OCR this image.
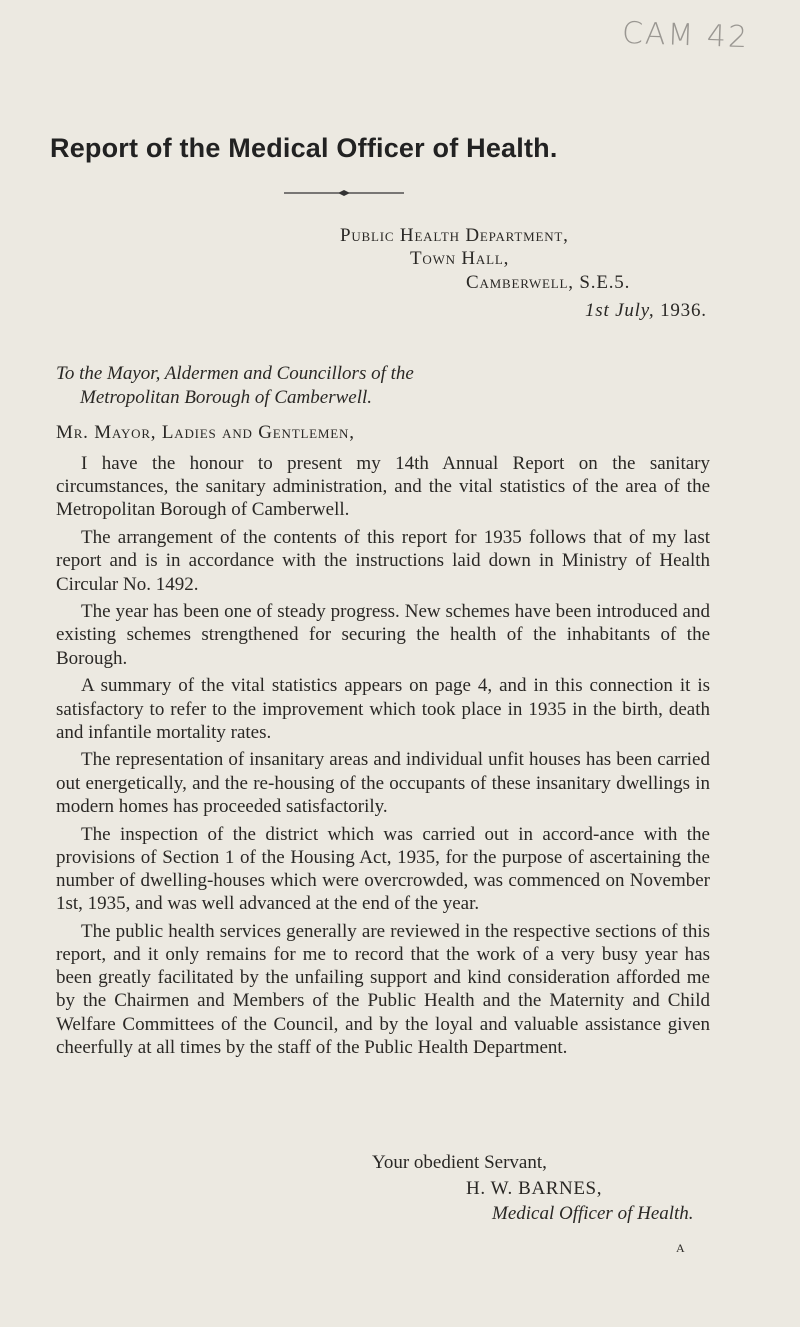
CAM 42
Report of the Medical Officer of Health.
Public Health Department,
Town Hall,
Camberwell, S.E.5.
1st July, 1936.
To the Mayor, Aldermen and Councillors of the
Metropolitan Borough of Camberwell.
Mr. Mayor, Ladies and Gentlemen,

I have the honour to present my 14th Annual Report on the sanitary circumstances, the sanitary administration, and the vital statistics of the area of the Metropolitan Borough of Camberwell.

The arrangement of the contents of this report for 1935 follows that of my last report and is in accordance with the instructions laid down in Ministry of Health Circular No. 1492.

The year has been one of steady progress. New schemes have been introduced and existing schemes strengthened for securing the health of the inhabitants of the Borough.

A summary of the vital statistics appears on page 4, and in this connection it is satisfactory to refer to the improvement which took place in 1935 in the birth, death and infantile mortality rates.

The representation of insanitary areas and individual unfit houses has been carried out energetically, and the re-housing of the occupants of these insanitary dwellings in modern homes has proceeded satisfactorily.

The inspection of the district which was carried out in accord-ance with the provisions of Section 1 of the Housing Act, 1935, for the purpose of ascertaining the number of dwelling-houses which were overcrowded, was commenced on November 1st, 1935, and was well advanced at the end of the year.

The public health services generally are reviewed in the respective sections of this report, and it only remains for me to record that the work of a very busy year has been greatly facilitated by the unfailing support and kind consideration afforded me by the Chairmen and Members of the Public Health and the Maternity and Child Welfare Committees of the Council, and by the loyal and valuable assistance given cheerfully at all times by the staff of the Public Health Department.

Your obedient Servant,
H. W. BARNES,
Medical Officer of Health.
A
